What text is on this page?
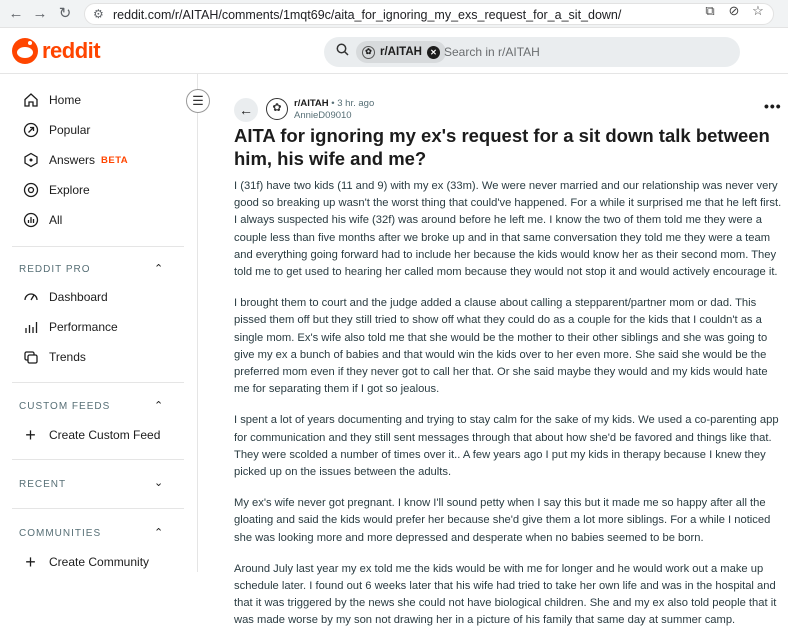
← → ↻	⚙ reddit.com/r/AITAH/comments/1mqt69c/aita_for_ignoring_my_exs_request_for_a_sit_down/	⧉ ⊘ ☆
reddit	✿ r/AITAH	✕ Search in r/AITAH
Home
Popular
Answers BETA
Explore
All
REDDIT PRO	⌃
Dashboard
Performance
Trends
CUSTOM FEEDS	⌃
+ Create Custom Feed
RECENT	⌄
COMMUNITIES	⌃
+ Create Community
☰
←	✿	r/AITAH • 3 hr. ago
AnnieD09010
•••
AITA for ignoring my ex's request for a sit down talk between him, his wife and me?

I (31f) have two kids (11 and 9) with my ex (33m). We were never married and our relationship was never very good so breaking up wasn't the worst thing that could've happened. For a while it surprised me that he left first. I always suspected his wife (32f) was around before he left me. I know the two of them told me they were a couple less than five months after we broke up and in that same conversation they told me they were a team and everything going forward had to include her because the kids would know her as their second mom. They told me to get used to hearing her called mom because they would not stop it and would actively encourage it.

I brought them to court and the judge added a clause about calling a stepparent/partner mom or dad. This pissed them off but they still tried to show off what they could do as a couple for the kids that I couldn't as a single mom. Ex's wife also told me that she would be the mother to their other siblings and she was going to give my ex a bunch of babies and that would win the kids over to her even more. She said she would be the preferred mom even if they never got to call her that. Or she said maybe they would and my kids would hate me for separating them if I got so jealous.

I spent a lot of years documenting and trying to stay calm for the sake of my kids. We used a co-parenting app for communication and they still sent messages through that about how she'd be favored and things like that. They were scolded a number of times over it.. A few years ago I put my kids in therapy because I knew they picked up on the issues between the adults.

My ex's wife never got pregnant. I know I'll sound petty when I say this but it made me so happy after all the gloating and said the kids would prefer her because she'd give them a lot more siblings. For a while I noticed she was looking more and more depressed and desperate when no babies seemed to be born.

Around July last year my ex told me the kids would be with me for longer and he would work out a make up schedule later. I found out 6 weeks later that his wife had tried to take her own life and was in the hospital and that it was triggered by the news she could not have biological children. She and my ex also told people that it was made worse by my son not drawing her in a picture of his family that same day at summer camp.
